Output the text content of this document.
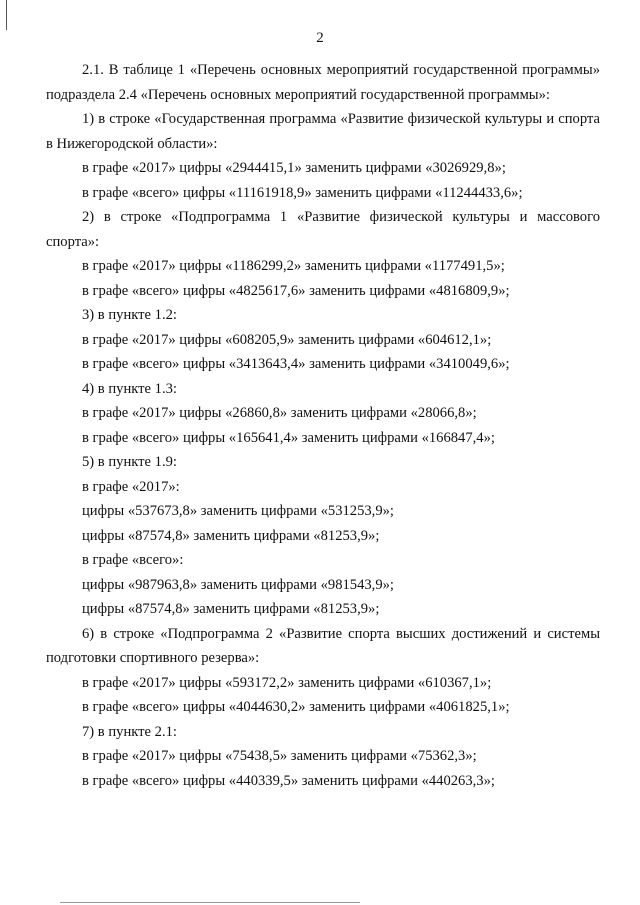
2

2.1. В таблице 1 «Перечень основных мероприятий государственной программы» подраздела 2.4 «Перечень основных мероприятий государственной программы»:

1) в строке «Государственная программа «Развитие физической культуры и спорта в Нижегородской области»:

в графе «2017» цифры «2944415,1» заменить цифрами «3026929,8»;

в графе «всего» цифры «11161918,9» заменить цифрами «11244433,6»;

2) в строке «Подпрограмма 1 «Развитие физической культуры и массового спорта»:

в графе «2017» цифры «1186299,2» заменить цифрами «1177491,5»;

в графе «всего» цифры «4825617,6» заменить цифрами «4816809,9»;

3) в пункте 1.2:

в графе «2017» цифры «608205,9» заменить цифрами «604612,1»;

в графе «всего» цифры «3413643,4» заменить цифрами «3410049,6»;

4) в пункте 1.3:

в графе «2017» цифры «26860,8» заменить цифрами «28066,8»;

в графе «всего» цифры «165641,4» заменить цифрами «166847,4»;

5) в пункте 1.9:

в графе «2017»:

цифры «537673,8» заменить цифрами «531253,9»;

цифры «87574,8» заменить цифрами «81253,9»;

в графе «всего»:

цифры «987963,8» заменить цифрами «981543,9»;

цифры «87574,8» заменить цифрами «81253,9»;

6) в строке «Подпрограмма 2 «Развитие спорта высших достижений и системы подготовки спортивного резерва»:

в графе «2017» цифры «593172,2» заменить цифрами «610367,1»;

в графе «всего» цифры «4044630,2» заменить цифрами «4061825,1»;

7) в пункте 2.1:

в графе «2017» цифры «75438,5» заменить цифрами «75362,3»;

в графе «всего» цифры «440339,5» заменить цифрами «440263,3»;
